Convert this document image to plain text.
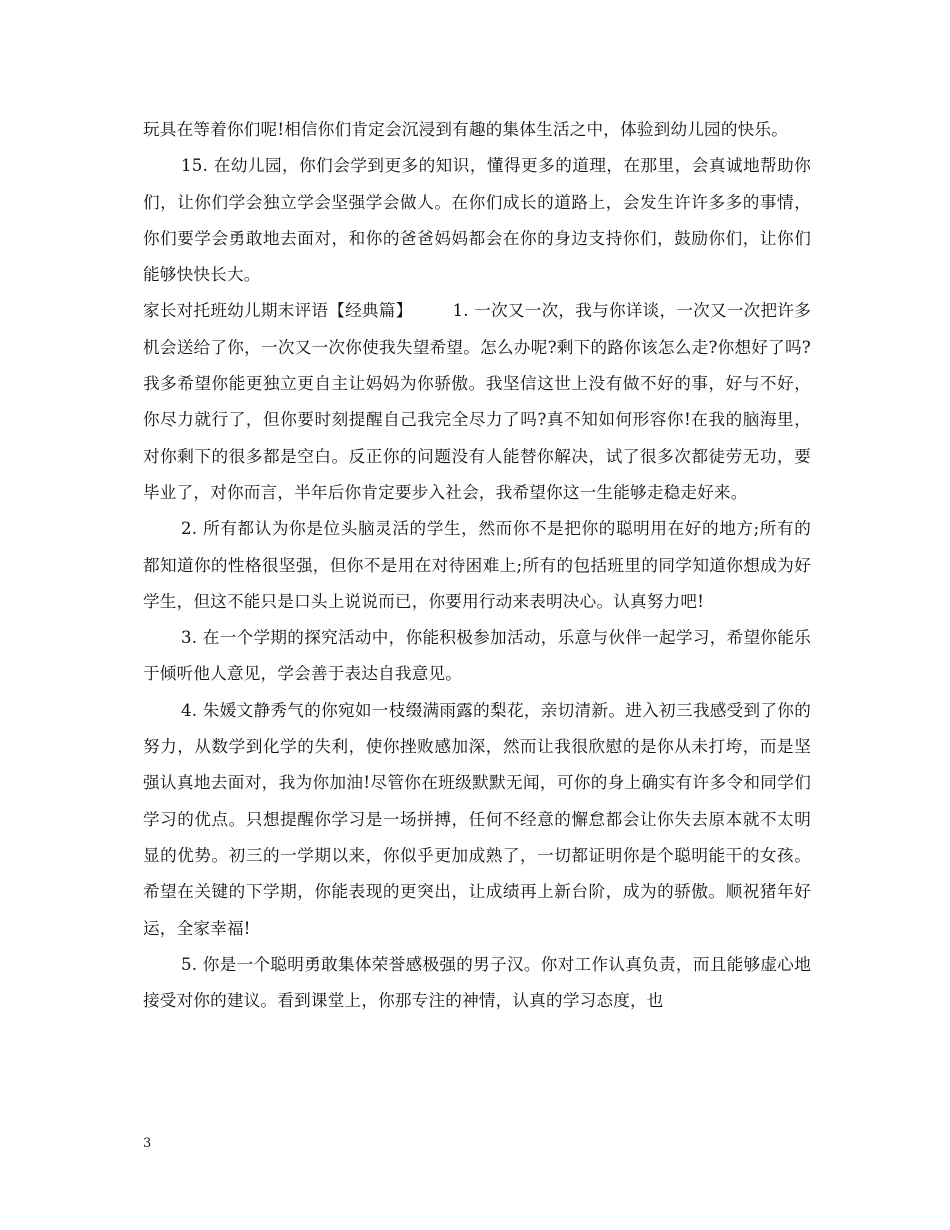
玩具在等着你们呢!相信你们肯定会沉浸到有趣的集体生活之中，体验到幼儿园的快乐。

15. 在幼儿园，你们会学到更多的知识，懂得更多的道理，在那里，会真诚地帮助你们，让你们学会独立学会坚强学会做人。在你们成长的道路上，会发生许许多多的事情，你们要学会勇敢地去面对，和你的爸爸妈妈都会在你的身边支持你们，鼓励你们，让你们能够快快长大。

家长对托班幼儿期末评语【经典篇】 1. 一次又一次，我与你详谈，一次又一次把许多机会送给了你，一次又一次你使我失望希望。怎么办呢?剩下的路你该怎么走?你想好了吗?我多希望你能更独立更自主让妈妈为你骄傲。我坚信这世上没有做不好的事，好与不好，你尽力就行了，但你要时刻提醒自己我完全尽力了吗?真不知如何形容你!在我的脑海里，对你剩下的很多都是空白。反正你的问题没有人能替你解决，试了很多次都徒劳无功，要毕业了，对你而言，半年后你肯定要步入社会，我希望你这一生能够走稳走好来。

2. 所有都认为你是位头脑灵活的学生，然而你不是把你的聪明用在好的地方;所有的都知道你的性格很坚强，但你不是用在对待困难上;所有的包括班里的同学知道你想成为好学生，但这不能只是口头上说说而已，你要用行动来表明决心。认真努力吧!

3. 在一个学期的探究活动中，你能积极参加活动，乐意与伙伴一起学习，希望你能乐于倾听他人意见，学会善于表达自我意见。

4. 朱媛文静秀气的你宛如一枝缀满雨露的梨花，亲切清新。进入初三我感受到了你的努力，从数学到化学的失利，使你挫败感加深，然而让我很欣慰的是你从未打垮，而是坚强认真地去面对，我为你加油!尽管你在班级默默无闻，可你的身上确实有许多令和同学们学习的优点。只想提醒你学习是一场拼搏，任何不经意的懈怠都会让你失去原本就不太明显的优势。初三的一学期以来，你似乎更加成熟了，一切都证明你是个聪明能干的女孩。希望在关键的下学期，你能表现的更突出，让成绩再上新台阶，成为的骄傲。顺祝猪年好运，全家幸福!

5. 你是一个聪明勇敢集体荣誉感极强的男子汉。你对工作认真负责，而且能够虚心地接受对你的建议。看到课堂上，你那专注的神情，认真的学习态度，也

3
